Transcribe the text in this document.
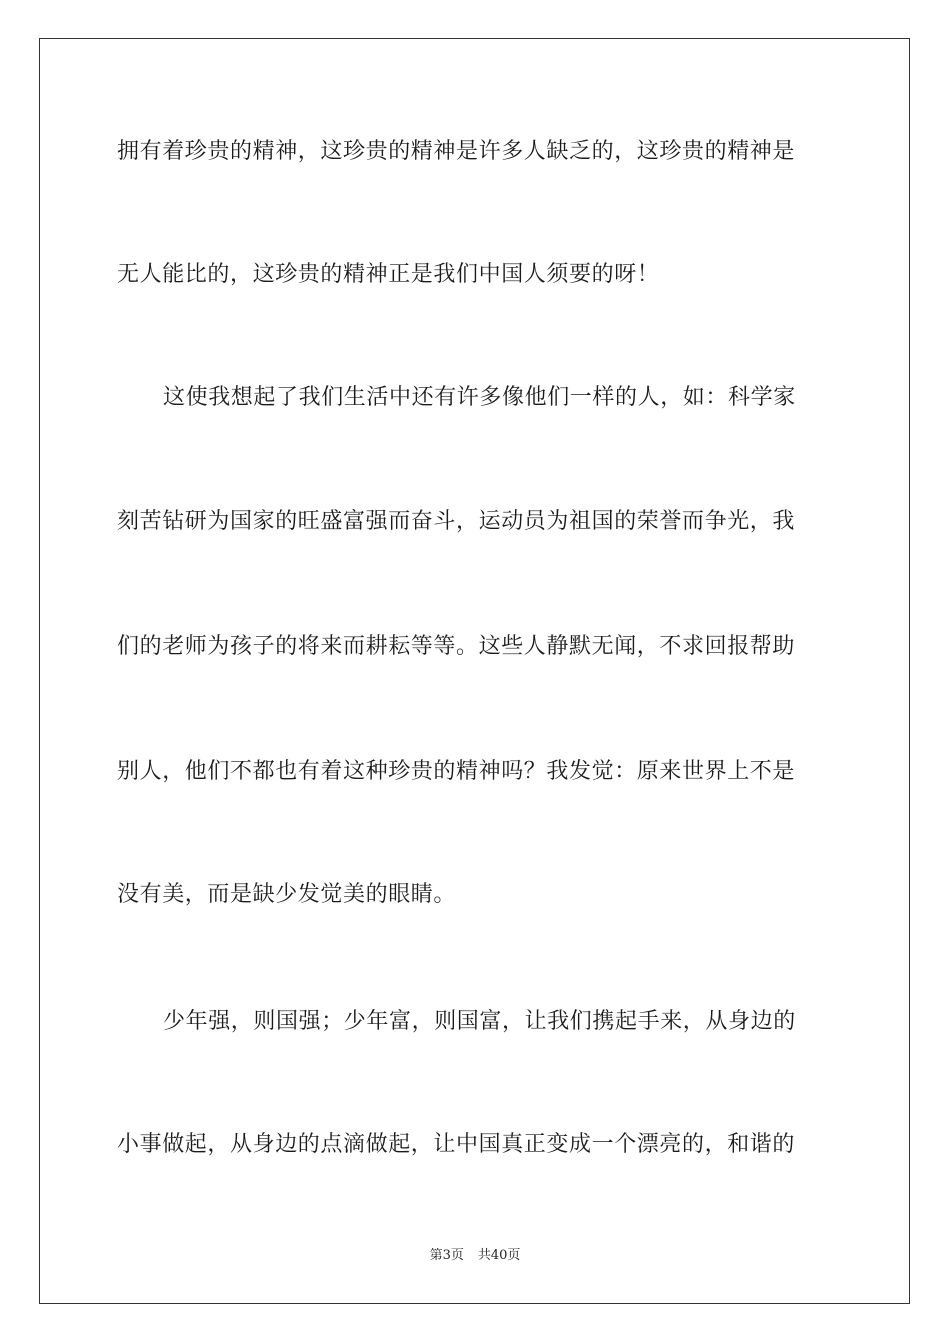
拥有着珍贵的精神，这珍贵的精神是许多人缺乏的，这珍贵的精神是
无人能比的，这珍贵的精神正是我们中国人须要的呀！
这使我想起了我们生活中还有许多像他们一样的人，如：科学家
刻苦钻研为国家的旺盛富强而奋斗，运动员为祖国的荣誉而争光，我
们的老师为孩子的将来而耕耘等等。这些人静默无闻，不求回报帮助
别人，他们不都也有着这种珍贵的精神吗？我发觉：原来世界上不是
没有美，而是缺少发觉美的眼睛。
少年强，则国强；少年富，则国富，让我们携起手来，从身边的
小事做起，从身边的点滴做起，让中国真正变成一个漂亮的，和谐的
第3页 共40页
